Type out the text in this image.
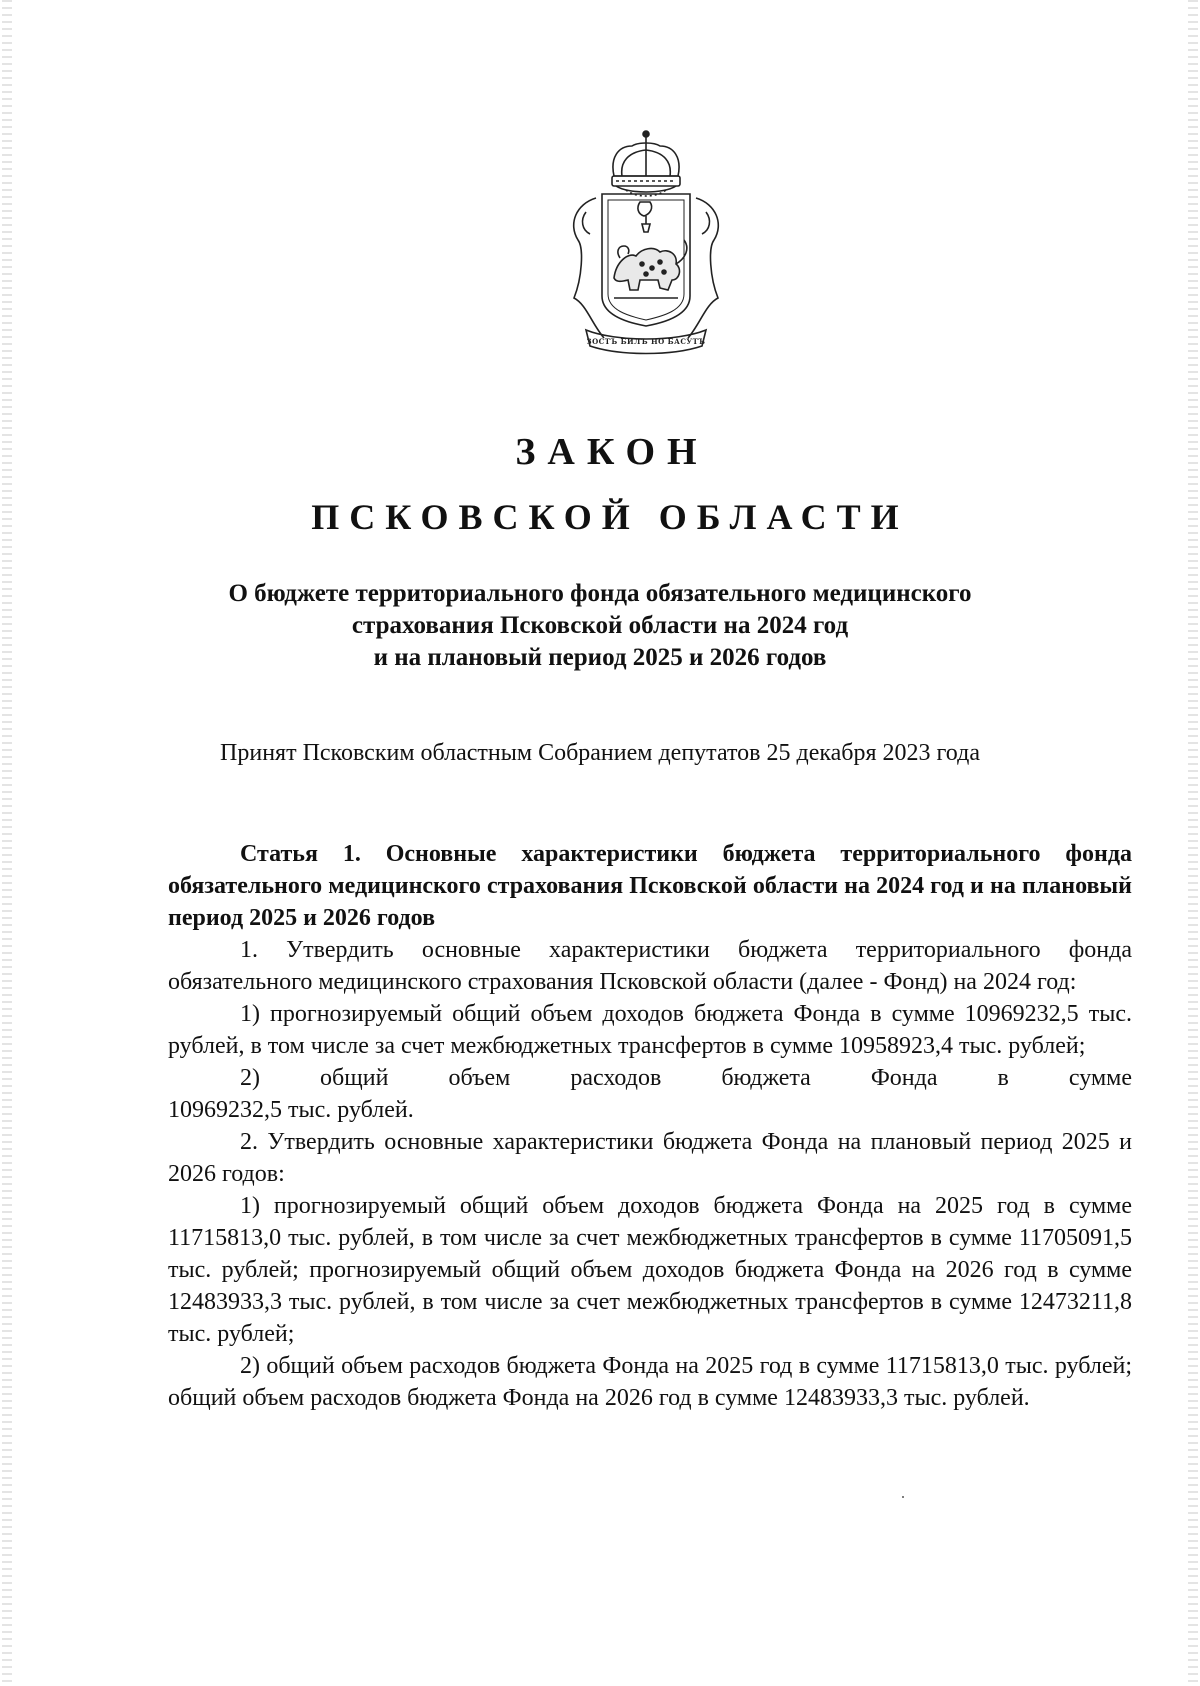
ЗОСТЪ БИЛЪ НО БАСУТЪ
ЗАКОН
ПСКОВСКОЙ ОБЛАСТИ
О бюджете территориального фонда обязательного медицинского
страхования Псковской области на 2024 год
и на плановый период 2025 и 2026 годов
Принят Псковским областным Собранием депутатов 25 декабря 2023 года

Статья 1. Основные характеристики бюджета территориального фонда обязательного медицинского страхования Псковской области на 2024 год и на плановый период 2025 и 2026 годов

1. Утвердить основные характеристики бюджета территориального фонда обязательного медицинского страхования Псковской области (далее - Фонд) на 2024 год:

1) прогнозируемый общий объем доходов бюджета Фонда в сумме 10969232,5 тыс. рублей, в том числе за счет межбюджетных трансфертов в сумме 10958923,4 тыс. рублей;

2)	общий	объем	расходов	бюджета	Фонда	в	сумме

10969232,5 тыс. рублей.

2. Утвердить основные характеристики бюджета Фонда на плановый период 2025 и 2026 годов:

1) прогнозируемый общий объем доходов бюджета Фонда на 2025 год в сумме 11715813,0 тыс. рублей, в том числе за счет межбюджетных трансфертов в сумме 11705091,5 тыс. рублей; прогнозируемый общий объем доходов бюджета Фонда на 2026 год в сумме 12483933,3 тыс. рублей, в том числе за счет межбюджетных трансфертов в сумме 12473211,8 тыс. рублей;

2) общий объем расходов бюджета Фонда на 2025 год в сумме 11715813,0 тыс. рублей; общий объем расходов бюджета Фонда на 2026 год в сумме 12483933,3 тыс. рублей.
